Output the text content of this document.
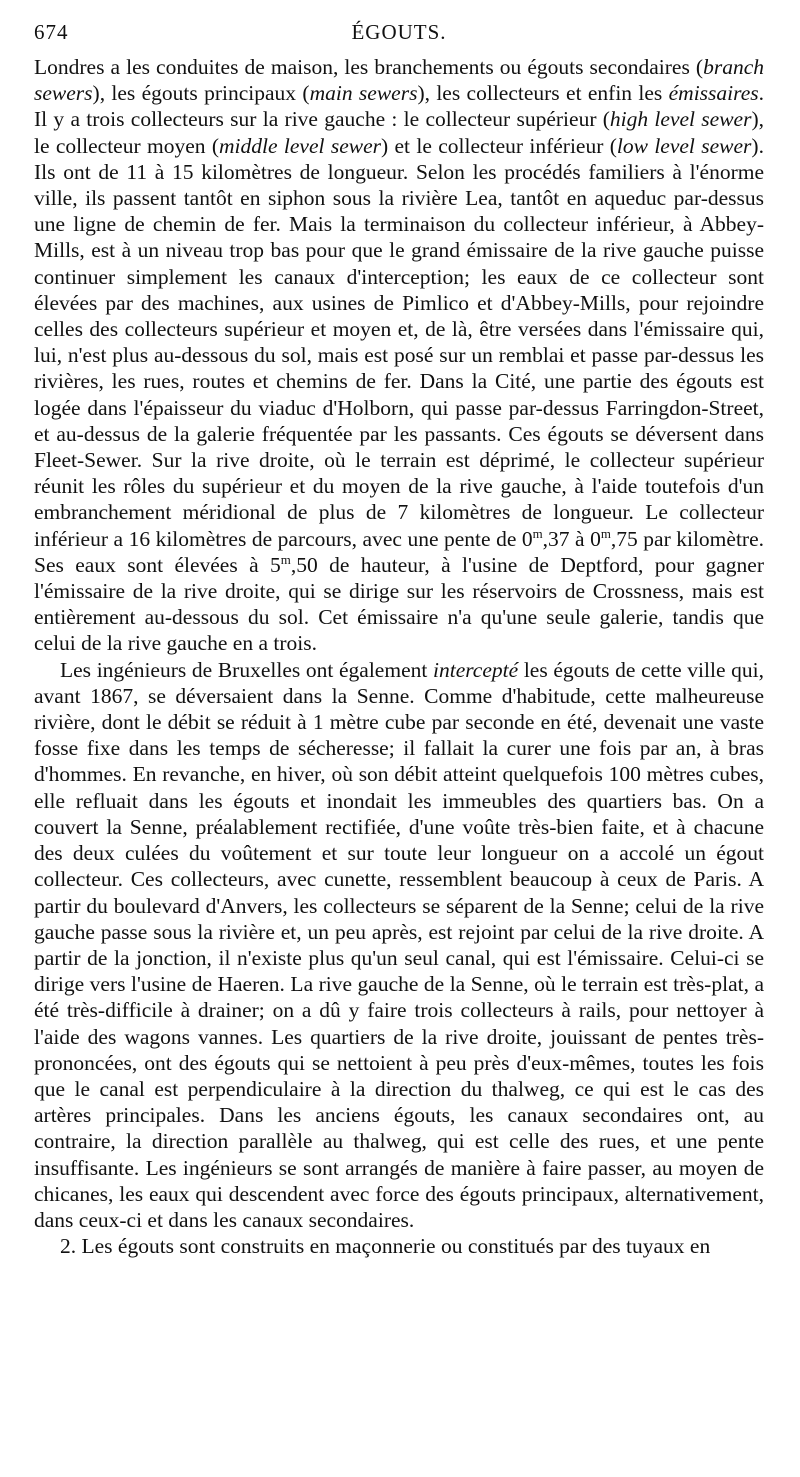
674	ÉGOUTS.

Londres a les conduites de maison, les branchements ou égouts secondaires (branch sewers), les égouts principaux (main sewers), les collecteurs et enfin les émissaires. Il y a trois collecteurs sur la rive gauche : le collecteur supérieur (high level sewer), le collecteur moyen (middle level sewer) et le collecteur inférieur (low level sewer). Ils ont de 11 à 15 kilomètres de longueur. Selon les procédés familiers à l'énorme ville, ils passent tantôt en siphon sous la rivière Lea, tantôt en aqueduc par-dessus une ligne de chemin de fer. Mais la terminaison du collecteur inférieur, à Abbey-Mills, est à un niveau trop bas pour que le grand émissaire de la rive gauche puisse continuer simplement les canaux d'interception; les eaux de ce collecteur sont élevées par des machines, aux usines de Pimlico et d'Abbey-Mills, pour rejoindre celles des collecteurs supérieur et moyen et, de là, être versées dans l'émissaire qui, lui, n'est plus au-dessous du sol, mais est posé sur un remblai et passe par-dessus les rivières, les rues, routes et chemins de fer. Dans la Cité, une partie des égouts est logée dans l'épaisseur du viaduc d'Holborn, qui passe par-dessus Farringdon-Street, et au-dessus de la galerie fréquentée par les passants. Ces égouts se déversent dans Fleet-Sewer. Sur la rive droite, où le terrain est déprimé, le collecteur supérieur réunit les rôles du supérieur et du moyen de la rive gauche, à l'aide toutefois d'un embranchement méridional de plus de 7 kilomètres de longueur. Le collecteur inférieur a 16 kilomètres de parcours, avec une pente de 0$^m$,37 à 0$^m$,75 par kilomètre. Ses eaux sont élevées à 5$^m$,50 de hauteur, à l'usine de Deptford, pour gagner l'émissaire de la rive droite, qui se dirige sur les réservoirs de Crossness, mais est entièrement au-dessous du sol. Cet émissaire n'a qu'une seule galerie, tandis que celui de la rive gauche en a trois.

Les ingénieurs de Bruxelles ont également intercepté les égouts de cette ville qui, avant 1867, se déversaient dans la Senne. Comme d'habitude, cette malheureuse rivière, dont le débit se réduit à 1 mètre cube par seconde en été, devenait une vaste fosse fixe dans les temps de sécheresse; il fallait la curer une fois par an, à bras d'hommes. En revanche, en hiver, où son débit atteint quelquefois 100 mètres cubes, elle refluait dans les égouts et inondait les immeubles des quartiers bas. On a couvert la Senne, préalablement rectifiée, d'une voûte très-bien faite, et à chacune des deux culées du voûtement et sur toute leur longueur on a accolé un égout collecteur. Ces collecteurs, avec cunette, ressemblent beaucoup à ceux de Paris. A partir du boulevard d'Anvers, les collecteurs se séparent de la Senne; celui de la rive gauche passe sous la rivière et, un peu après, est rejoint par celui de la rive droite. A partir de la jonction, il n'existe plus qu'un seul canal, qui est l'émissaire. Celui-ci se dirige vers l'usine de Haeren. La rive gauche de la Senne, où le terrain est très-plat, a été très-difficile à drainer; on a dû y faire trois collecteurs à rails, pour nettoyer à l'aide des wagons vannes. Les quartiers de la rive droite, jouissant de pentes très-prononcées, ont des égouts qui se nettoient à peu près d'eux-mêmes, toutes les fois que le canal est perpendiculaire à la direction du thalweg, ce qui est le cas des artères principales. Dans les anciens égouts, les canaux secondaires ont, au contraire, la direction parallèle au thalweg, qui est celle des rues, et une pente insuffisante. Les ingénieurs se sont arrangés de manière à faire passer, au moyen de chicanes, les eaux qui descendent avec force des égouts principaux, alternativement, dans ceux-ci et dans les canaux secondaires.

2. Les égouts sont construits en maçonnerie ou constitués par des tuyaux en
